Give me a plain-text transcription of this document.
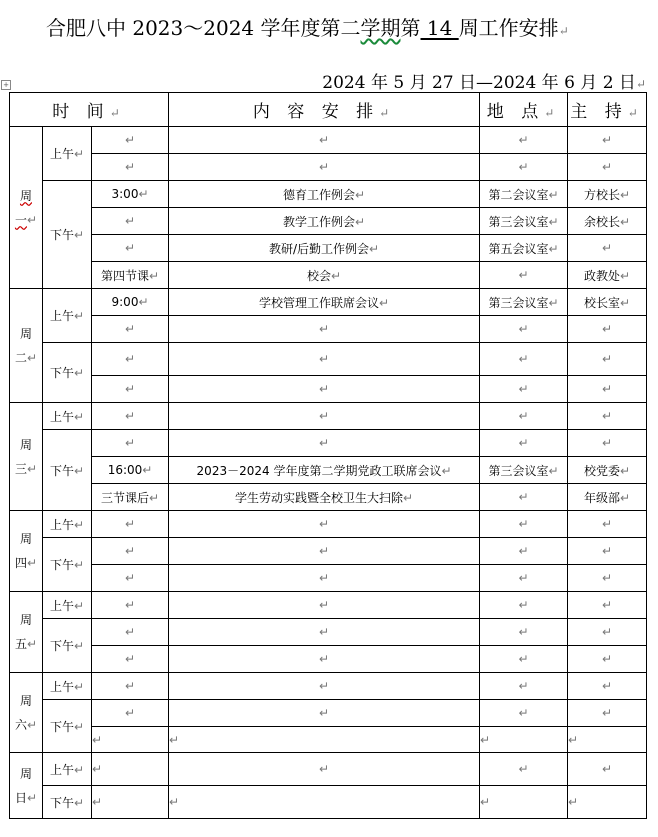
合肥八中 2023～2024 学年度第二学期第 14 周工作安排↵
+	2024 年 5 月 27 日—2024 年 6 月 2 日↵
时 间↵			内 容 安 排↵	地 点↵	主 持↵
周
一↵	上午↵	↵	↵	↵	↵
		↵	↵	↵	↵
	下午↵	3:00↵	德育工作例会↵	第二会议室↵	方校长↵
		↵	教学工作例会↵	第三会议室↵	余校长↵
		↵	教研/后勤工作例会↵	第五会议室↵	↵
		第四节课↵	校会↵	↵	政教处↵
周
二↵	上午↵	9:00↵	学校管理工作联席会议↵	第三会议室↵	校长室↵
		↵	↵	↵	↵
	下午↵	↵	↵	↵	↵
		↵	↵	↵	↵
周
三↵	上午↵	↵	↵	↵	↵
	下午↵	↵	↵	↵	↵
		16:00↵	2023－2024 学年度第二学期党政工联席会议↵	第三会议室↵	校党委↵
		三节课后↵	学生劳动实践暨全校卫生大扫除↵	↵	年级部↵
周
四↵	上午↵	↵	↵	↵	↵
	下午↵	↵	↵	↵	↵
		↵	↵	↵	↵
周
五↵	上午↵	↵	↵	↵	↵
	下午↵	↵	↵	↵	↵
		↵	↵	↵	↵
周
六↵	上午↵	↵	↵	↵	↵
	下午↵	↵	↵	↵	↵
		↵	↵	↵	↵
周
日↵	上午↵	↵	↵	↵	↵
	下午↵	↵	↵	↵	↵
